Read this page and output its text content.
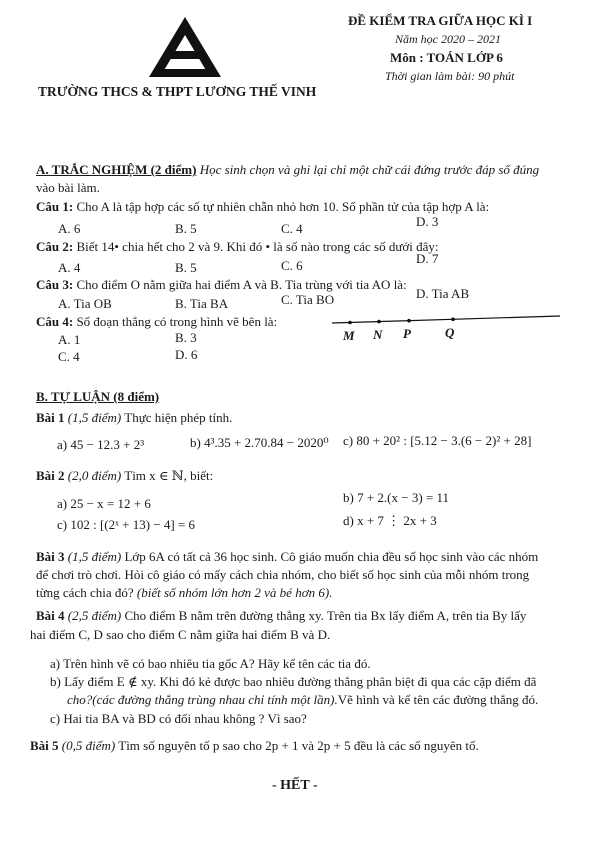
TRƯỜNG THCS & THPT LƯƠNG THẾ VINH
ĐỀ KIỂM TRA GIỮA HỌC KÌ I
Năm học 2020 – 2021
Môn : TOÁN LỚP 6
Thời gian làm bài: 90 phút
A. TRẮC NGHIỆM (2 điểm) Học sinh chọn và ghi lại chỉ một chữ cái đứng trước đáp số đúng
vào bài làm.
Câu 1: Cho A là tập hợp các số tự nhiên chẵn nhỏ hơn 10. Số phần tử của tập hợp A là:
A. 6	B. 5	C. 4	D. 3
Câu 2: Biết 14• chia hết cho 2 và 9. Khi đó • là số nào trong các số dưới đây:
A. 4	B. 5	C. 6	D. 7
Câu 3: Cho điểm O nằm giữa hai điểm A và B. Tia trùng với tia AO là:
A. Tia OB	B. Tia BA	C. Tia BO	D. Tia AB
Câu 4: Số đoạn thẳng có trong hình vẽ bên là:
A. 1	B. 3
C. 4	D. 6
M N P	Q
B. TỰ LUẬN (8 điểm)
Bài 1 (1,5 điểm) Thực hiện phép tính.
a) 45 − 12.3 + 2³	b) 4³.35 + 2.70.84 − 2020⁰ c) 80 + 20² : [5.12 − 3.(6 − 2)² + 28]
Bài 2 (2,0 điểm) Tìm x ∈ ℕ, biết:
a) 25 − x = 12 + 6	b) 7 + 2.(x − 3) = 11
c) 102 : [(2ˣ + 13) − 4] = 6	d) x + 7 ⋮ 2x + 3
Bài 3 (1,5 điểm) Lớp 6A có tất cả 36 học sinh. Cô giáo muốn chia đều số học sinh vào các nhóm
để chơi trò chơi. Hỏi cô giáo có mấy cách chia nhóm, cho biết số học sinh của mỗi nhóm trong
từng cách chia đó? (biết số nhóm lớn hơn 2 và bé hơn 6).
Bài 4 (2,5 điểm) Cho điểm B nằm trên đường thẳng xy. Trên tia Bx lấy điểm A, trên tia By lấy
hai điểm C, D sao cho điểm C nằm giữa hai điểm B và D.
a) Trên hình vẽ có bao nhiêu tia gốc A? Hãy kể tên các tia đó.
b) Lấy điểm E ∉ xy. Khi đó kẻ được bao nhiêu đường thẳng phân biệt đi qua các cặp điểm đã
cho?(các đường thẳng trùng nhau chỉ tính một lần).Vẽ hình và kể tên các đường thẳng đó.
c) Hai tia BA và BD có đối nhau không ? Vì sao?
Bài 5 (0,5 điểm) Tìm số nguyên tố p sao cho 2p + 1 và 2p + 5 đều là các số nguyên tố.
- HẾT -
